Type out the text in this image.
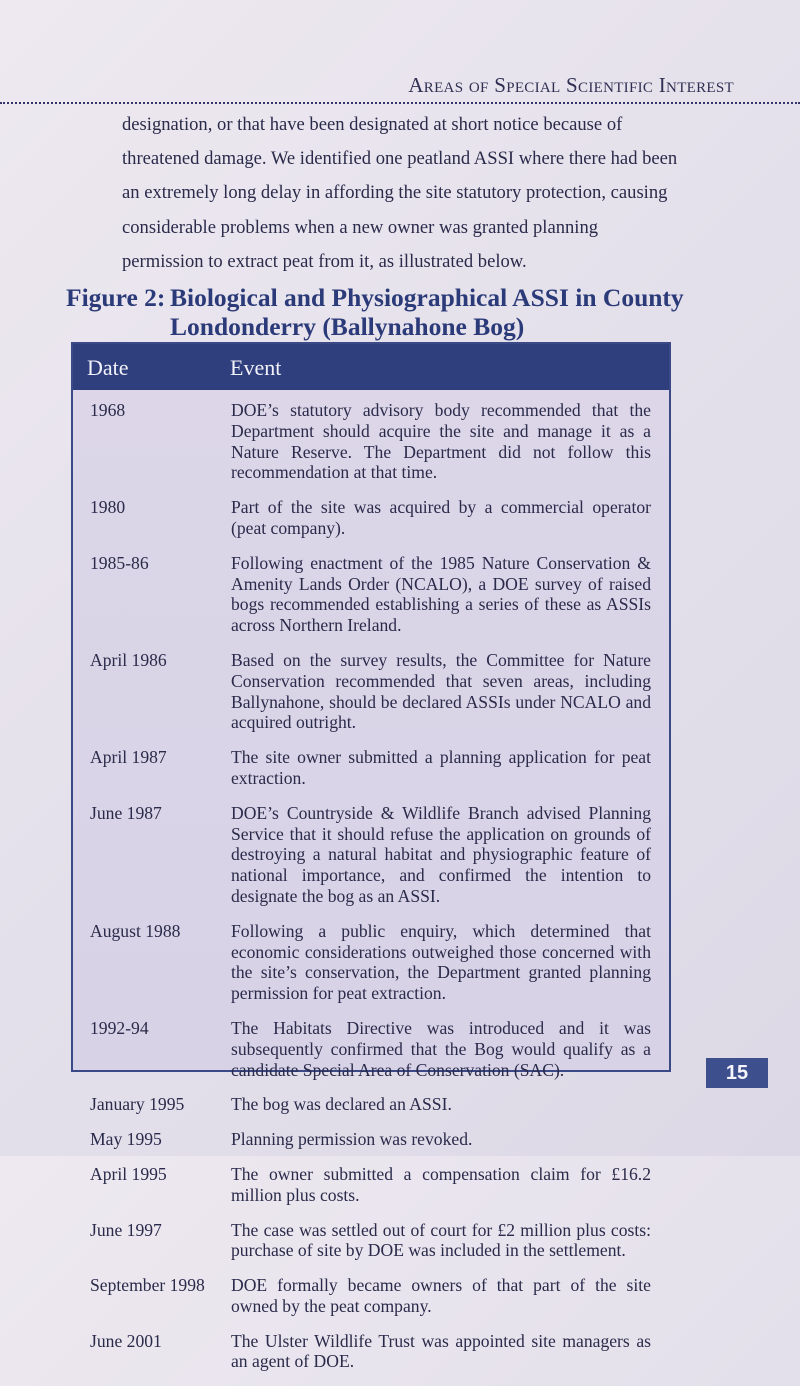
Areas of Special Scientific Interest
designation, or that have been designated at short notice because of threatened damage. We identified one peatland ASSI where there had been an extremely long delay in affording the site statutory protection, causing considerable problems when a new owner was granted planning permission to extract peat from it, as illustrated below.
Figure 2: Biological and Physiographical ASSI in County Londonderry (Ballynahone Bog)
Date	Event
1968	DOE’s statutory advisory body recommended that the Department should acquire the site and manage it as a Nature Reserve. The Department did not follow this recommendation at that time.
1980	Part of the site was acquired by a commercial operator (peat company).
1985-86	Following enactment of the 1985 Nature Conservation & Amenity Lands Order (NCALO), a DOE survey of raised bogs recommended establishing a series of these as ASSIs across Northern Ireland.
April 1986	Based on the survey results, the Committee for Nature Conservation recommended that seven areas, including Ballynahone, should be declared ASSIs under NCALO and acquired outright.
April 1987	The site owner submitted a planning application for peat extraction.
June 1987	DOE’s Countryside & Wildlife Branch advised Planning Service that it should refuse the application on grounds of destroying a natural habitat and physiographic feature of national importance, and confirmed the intention to designate the bog as an ASSI.
August 1988	Following a public enquiry, which determined that economic considerations outweighed those concerned with the site’s conservation, the Department granted planning permission for peat extraction.
1992-94	The Habitats Directive was introduced and it was subsequently confirmed that the Bog would qualify as a candidate Special Area of Conservation (SAC).
January 1995	The bog was declared an ASSI.
May 1995	Planning permission was revoked.
April 1995	The owner submitted a compensation claim for £16.2 million plus costs.
June 1997	The case was settled out of court for £2 million plus costs: purchase of site by DOE was included in the settlement.
September 1998 DOE formally became owners of that part of the site owned by the peat company.
June 2001	The Ulster Wildlife Trust was appointed site managers as an agent of DOE.
15
